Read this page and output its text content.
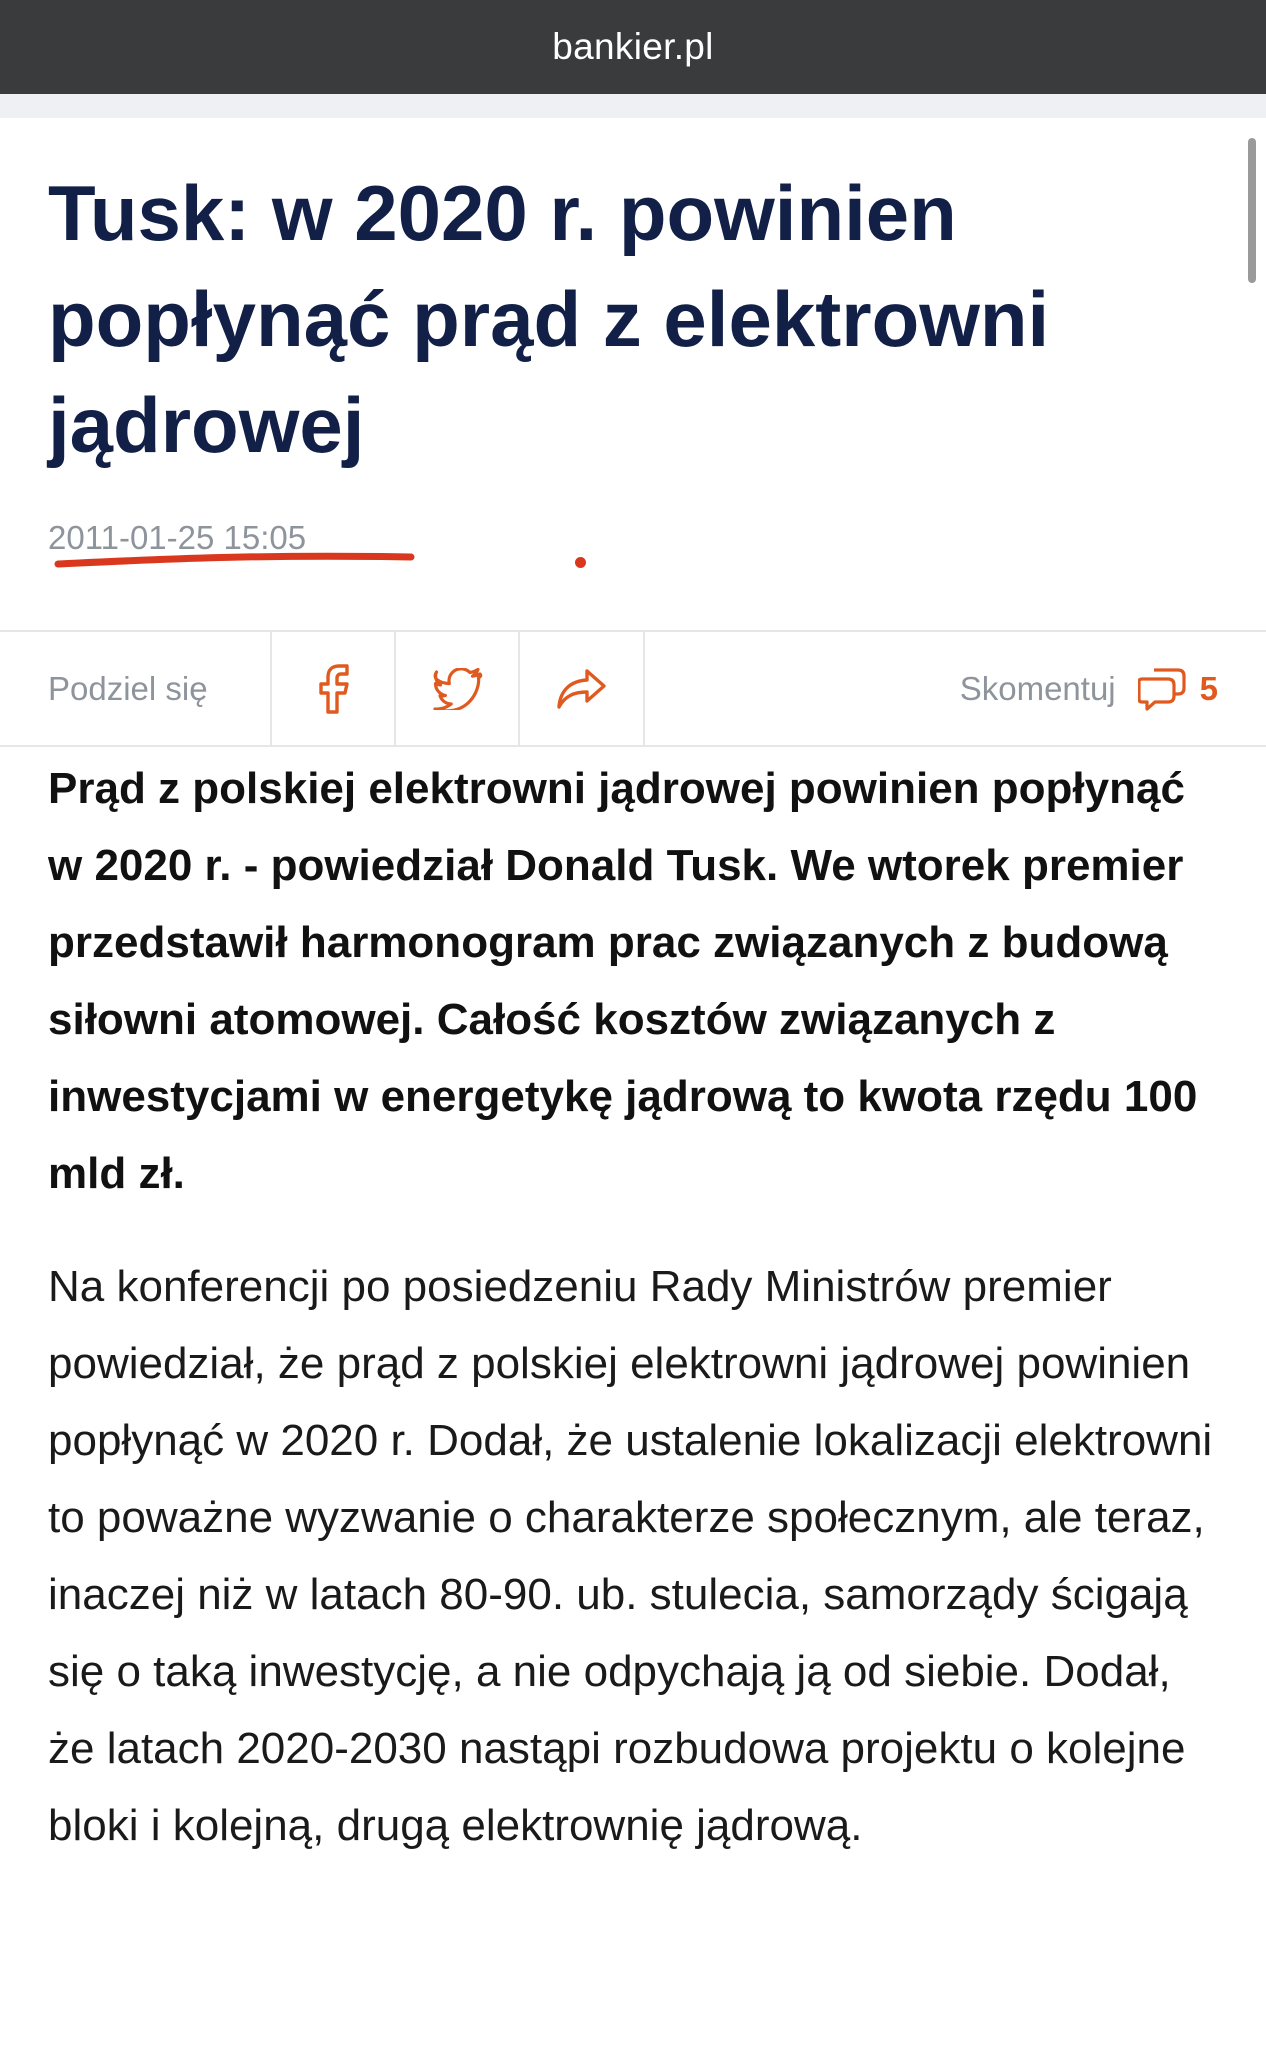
bankier.pl
Tusk: w 2020 r. powinien popłynąć prąd z elektrowni jądrowej
2011-01-25 15:05
Podziel się	Skomentuj	5

Prąd z polskiej elektrowni jądrowej powinien popłynąć w 2020 r. - powiedział Donald Tusk. We wtorek premier przedstawił harmonogram prac związanych z budową siłowni atomowej. Całość kosztów związanych z inwestycjami w energetykę jądrową to kwota rzędu 100 mld zł.

Na konferencji po posiedzeniu Rady Ministrów premier powiedział, że prąd z polskiej elektrowni jądrowej powinien popłynąć w 2020 r. Dodał, że ustalenie lokalizacji elektrowni to poważne wyzwanie o charakterze społecznym, ale teraz, inaczej niż w latach 80-90. ub. stulecia, samorządy ścigają się o taką inwestycję, a nie odpychają ją od siebie. Dodał, że latach 2020-2030 nastąpi rozbudowa projektu o kolejne bloki i kolejną, drugą elektrownię jądrową.
